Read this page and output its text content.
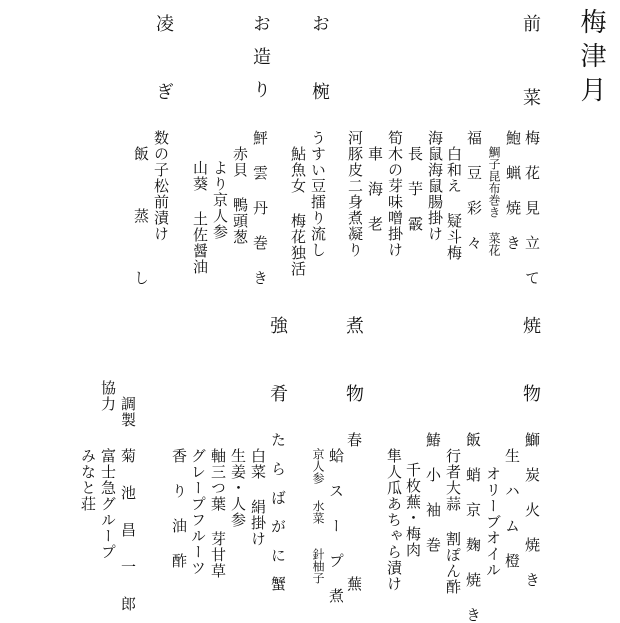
梅津月
前菜
お椀
お造り
凌ぎ
梅 花 見 立 て
鮑 蝋 焼 き
鯛子昆布巻き 菜花
福 豆 彩 々
白和え 疑斗梅
海鼠海鼠腸掛け
長 芋 霰
筍木の芽味噌掛け
車 海 老
河豚皮二身煮凝り
うすい豆擂り流し
鮎魚女 梅花独活
鮃 雲 丹 巻 き
赤貝 鴨頭葱
より京人参
山葵 土佐醤油
数の子松前漬け
飯 蒸 し
焼物
煮物
強肴
調製
協力
鰤 炭 火 焼 き
生 ハ ム 橙
オリーブオイル
飯 蛸 京 麹 焼 き
行者大蒜 割ぽん酢
鰆 小 袖 巻
千枚蕪・梅肉
隼人瓜あちゃら漬け
春 蕪
蛤 ス ー プ 煮
京人参
水菜
針柚子
たらばがに蟹
白菜 絹掛け
生姜・人参
軸三つ葉 芽甘草
グレープフルーツ
香 り 油 酢
菊 池 昌 一 郎
富士急グループ
みなと荘
